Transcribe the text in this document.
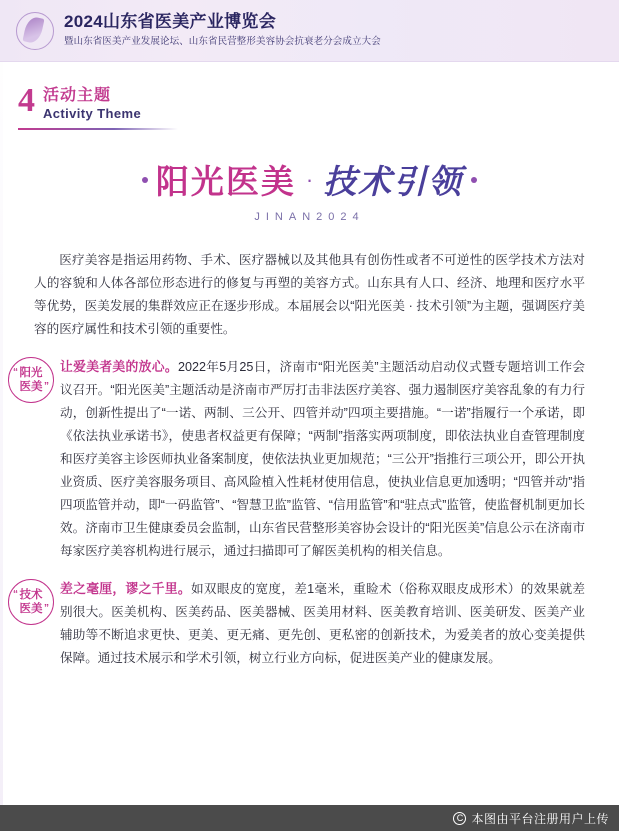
2024山东省医美产业博览会
暨山东省医美产业发展论坛、山东省民营整形美容协会抗衰老分会成立大会
4 活动主题
Activity Theme
阳光医美 · 技术引领
JINAN2024

医疗美容是指运用药物、手术、医疗器械以及其他具有创伤性或者不可逆性的医学技术方法对人的容貌和人体各部位形态进行的修复与再塑的美容方式。山东具有人口、经济、地理和医疗水平等优势，医美发展的集群效应正在逐步形成。本届展会以“阳光医美 · 技术引领”为主题，强调医疗美容的医疗属性和技术引领的重要性。

“ 阳光
医美 ”

让爱美者美的放心。2022年5月25日，济南市“阳光医美”主题活动启动仪式暨专题培训工作会议召开。“阳光医美”主题活动是济南市严厉打击非法医疗美容、强力遏制医疗美容乱象的有力行动，创新性提出了“一诺、两制、三公开、四管并动”四项主要措施。“一诺”指履行一个承诺，即《依法执业承诺书》，使患者权益更有保障；“两制”指落实两项制度，即依法执业自查管理制度和医疗美容主诊医师执业备案制度，使依法执业更加规范；“三公开”指推行三项公开，即公开执业资质、医疗美容服务项目、高风险植入性耗材使用信息，使执业信息更加透明；“四管并动”指四项监管并动，即“一码监管”、“智慧卫监”监管、“信用监管”和“驻点式”监管，使监督机制更加长效。济南市卫生健康委员会监制，山东省民营整形美容协会设计的“阳光医美”信息公示在济南市每家医疗美容机构进行展示，通过扫描即可了解医美机构的相关信息。

“ 技术
医美 ”

差之毫厘，谬之千里。如双眼皮的宽度，差1毫米，重睑术（俗称双眼皮成形术）的效果就差别很大。医美机构、医美药品、医美器械、医美用材料、医美教育培训、医美研发、医美产业辅助等不断追求更快、更美、更无痛、更先创、更私密的创新技术，为爱美者的放心变美提供保障。通过技术展示和学术引领，树立行业方向标，促进医美产业的健康发展。

C 本图由平台注册用户上传
